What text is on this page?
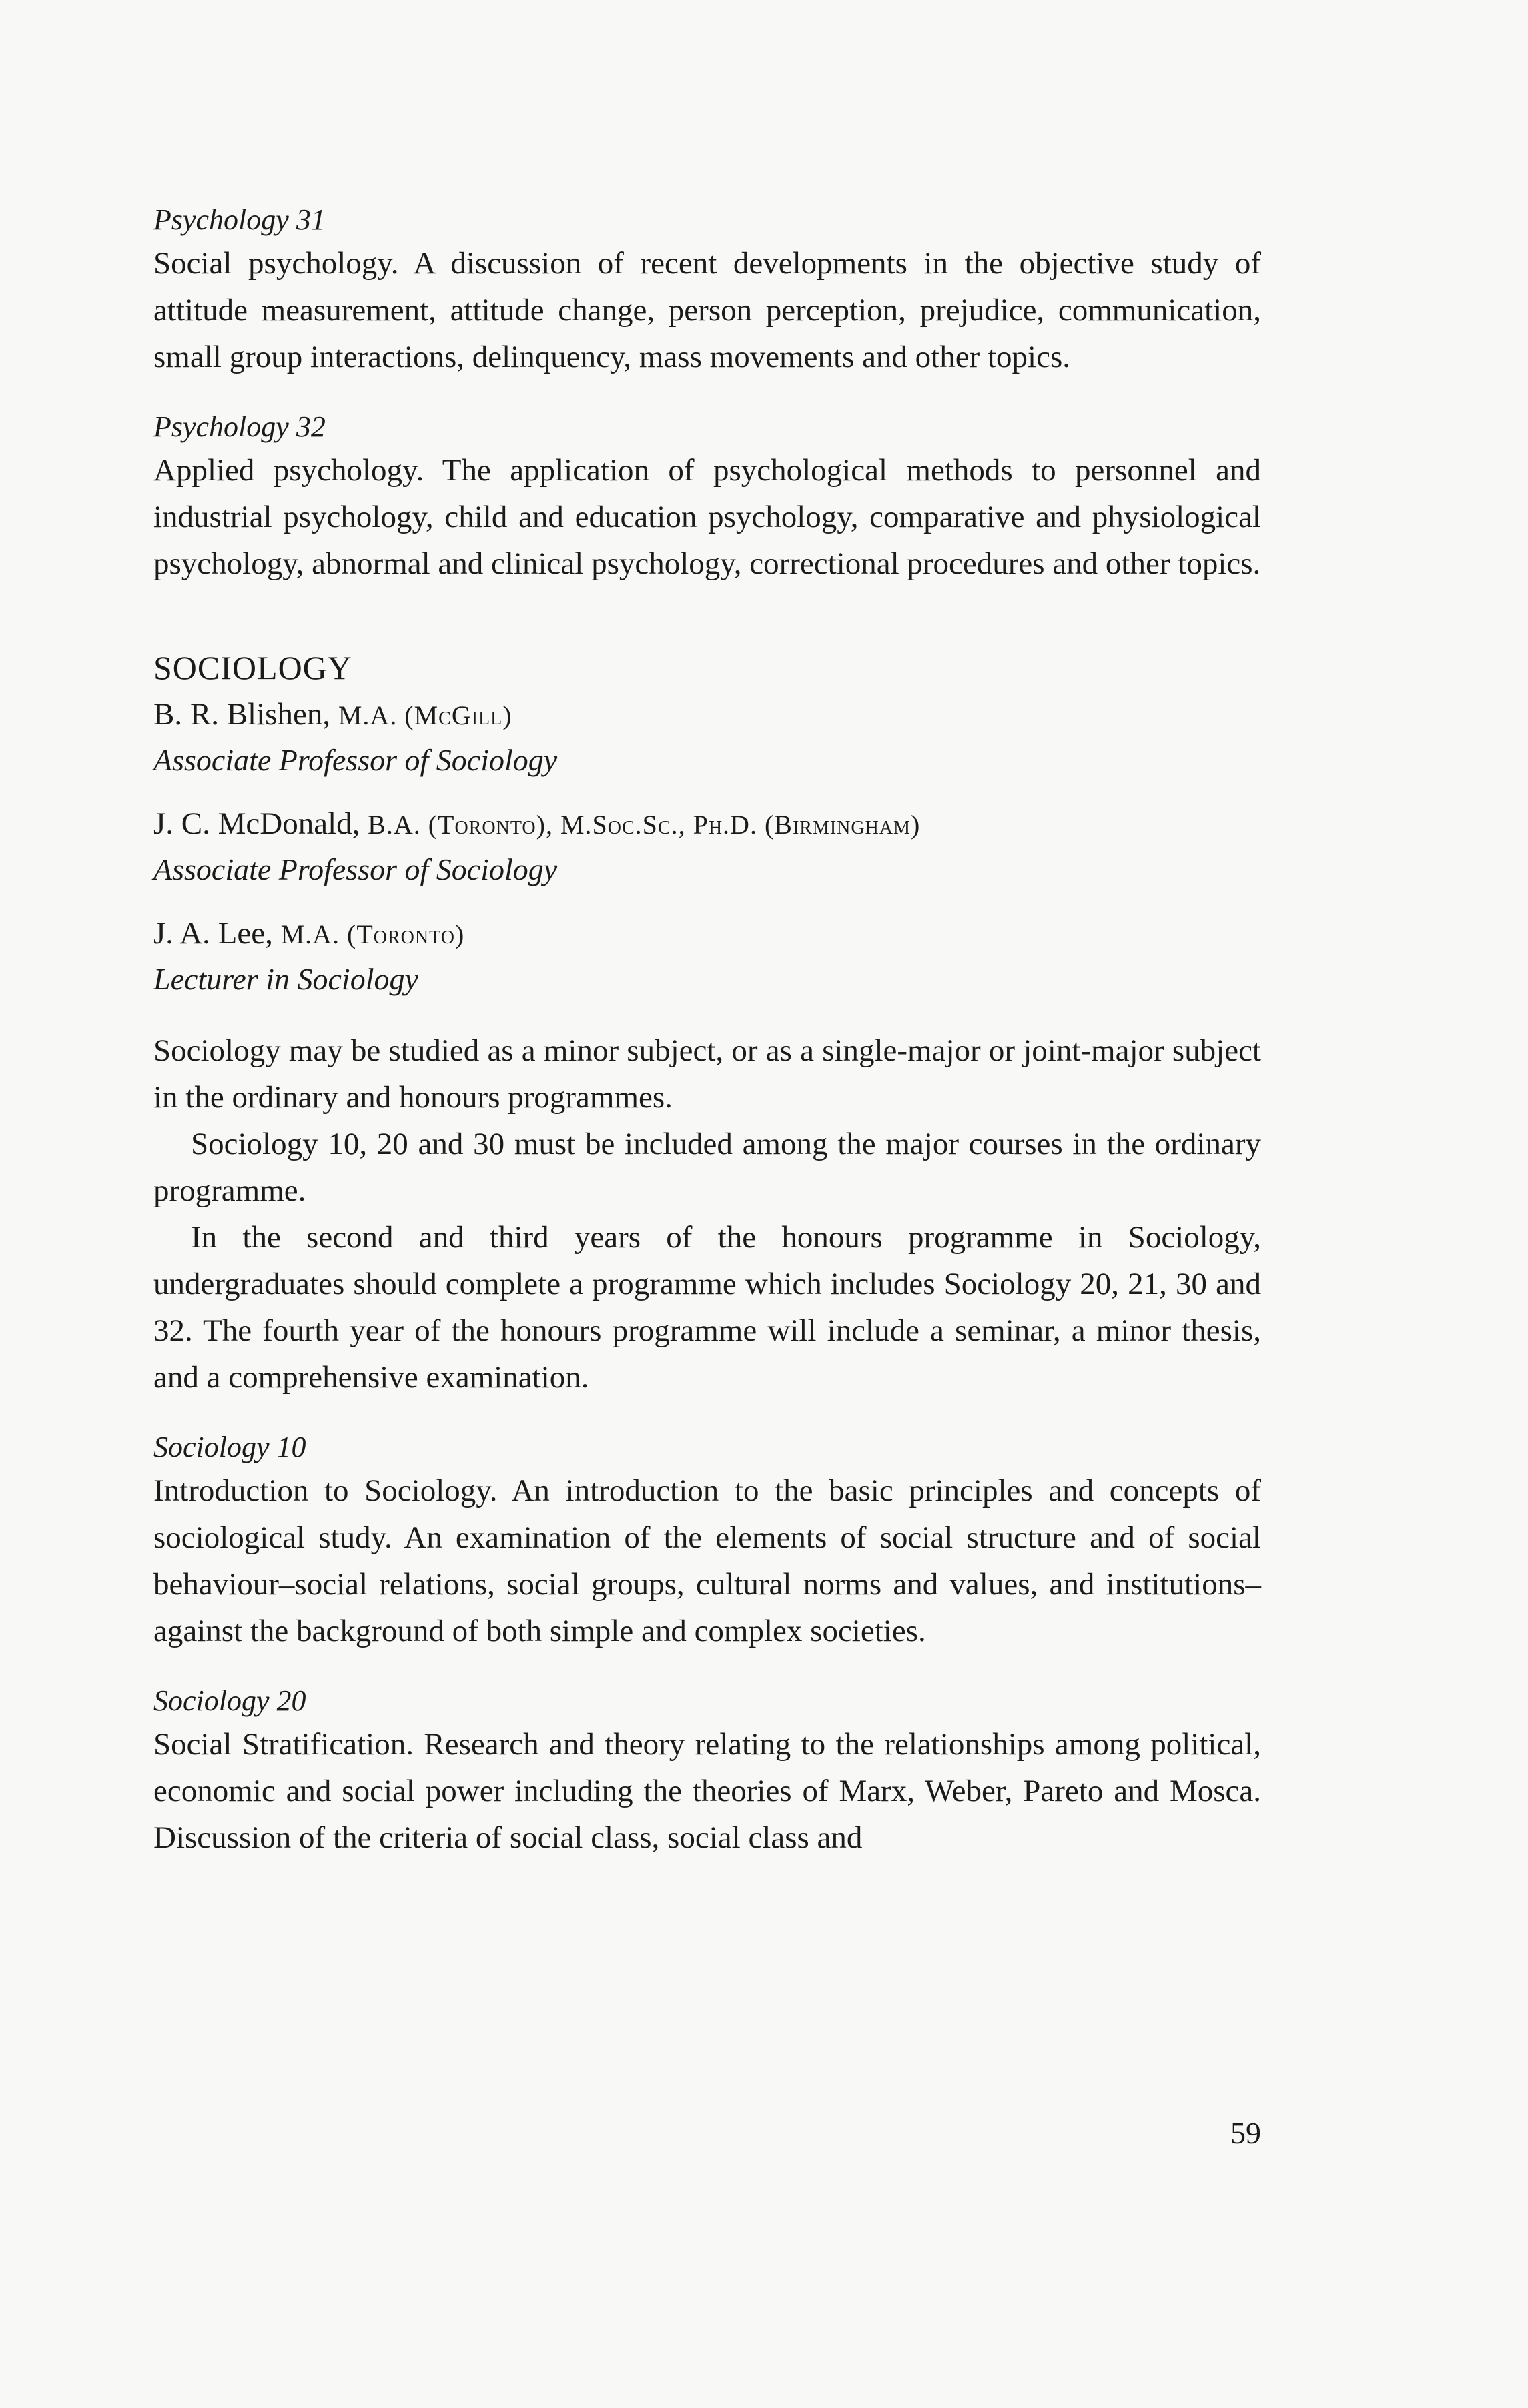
Psychology 31

Social psychology. A discussion of recent developments in the objective study of attitude measurement, attitude change, person perception, prejudice, communication, small group interactions, delinquency, mass movements and other topics.

Psychology 32

Applied psychology. The application of psychological methods to personnel and industrial psychology, child and education psychology, comparative and physiological psychology, abnormal and clinical psychology, correctional procedures and other topics.

SOCIOLOGY

B. R. Blishen, M.A. (McGill)

Associate Professor of Sociology

J. C. McDonald, B.A. (Toronto), M.Soc.Sc., Ph.D. (Birmingham)

Associate Professor of Sociology

J. A. Lee, M.A. (Toronto)

Lecturer in Sociology

Sociology may be studied as a minor subject, or as a single-major or joint-major subject in the ordinary and honours programmes.

Sociology 10, 20 and 30 must be included among the major courses in the ordinary programme.

In the second and third years of the honours programme in Sociology, undergraduates should complete a programme which includes Sociology 20, 21, 30 and 32. The fourth year of the honours programme will include a seminar, a minor thesis, and a comprehensive examination.

Sociology 10

Introduction to Sociology. An introduction to the basic principles and concepts of sociological study. An examination of the elements of social structure and of social behaviour–social relations, social groups, cultural norms and values, and institutions–against the background of both simple and complex societies.

Sociology 20

Social Stratification. Research and theory relating to the relationships among political, economic and social power including the theories of Marx, Weber, Pareto and Mosca. Discussion of the criteria of social class, social class and

59
